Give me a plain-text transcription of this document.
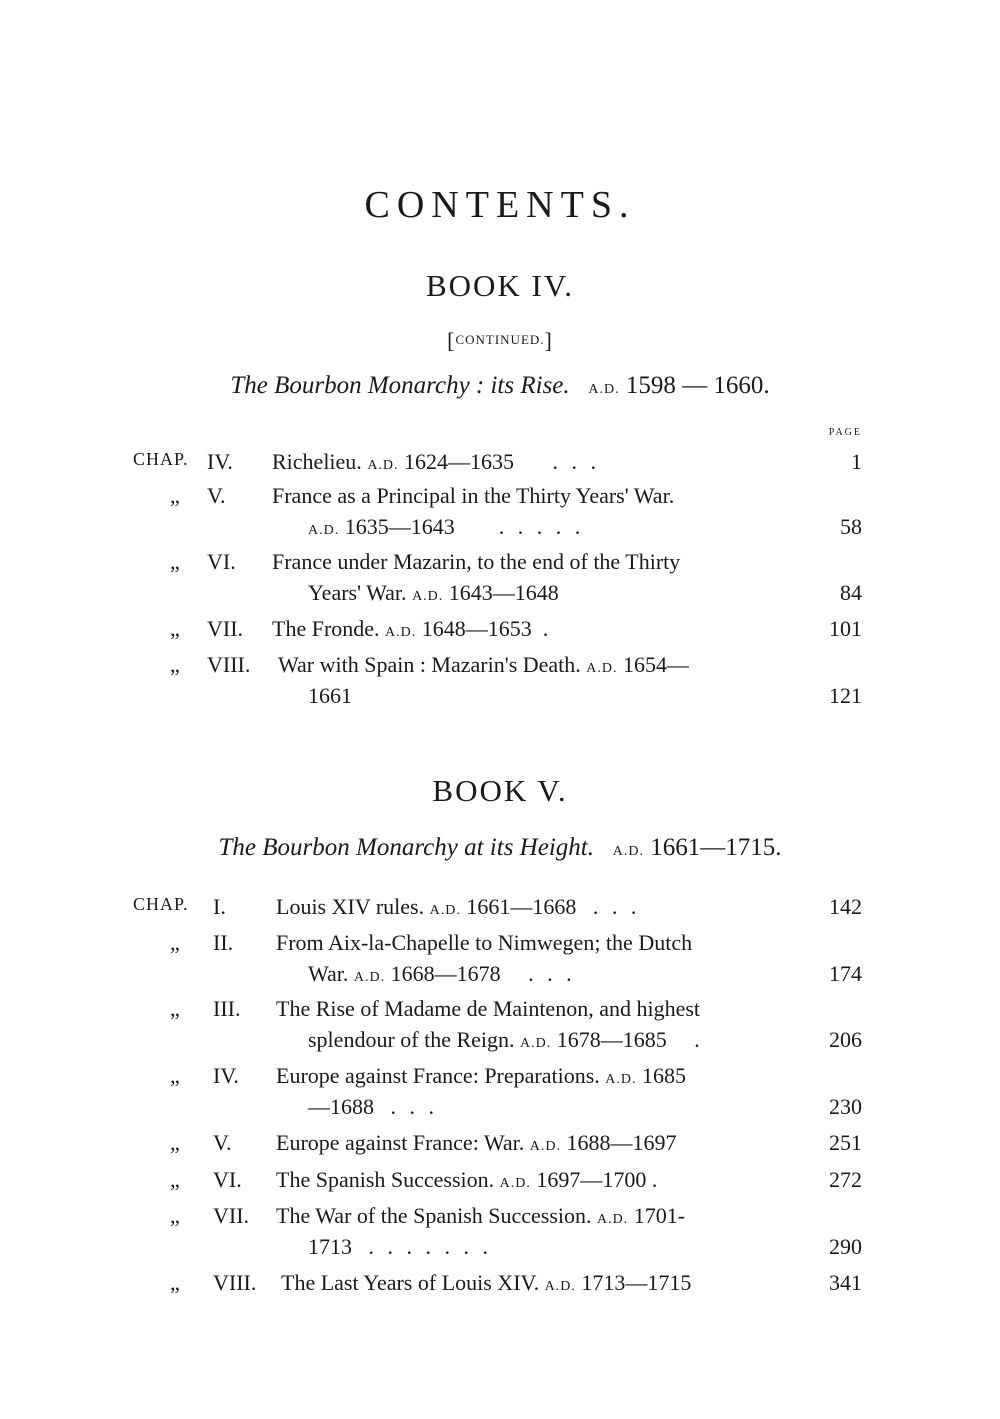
CONTENTS.
BOOK IV.
[CONTINUED.]
The Bourbon Monarchy : its Rise. A.D. 1598 — 1660.
PAGE
CHAP. IV. Richelieu. A.D. 1624—1635 . . .	1
„ V. France as a Principal in the Thirty Years' War.
A.D. 1635—1643 . . . . .	58
„ VI. France under Mazarin, to the end of the Thirty
Years' War. A.D. 1643—1648	84
„ VII. The Fronde. A.D. 1648—1653 .	101
„ VIII. War with Spain : Mazarin's Death. A.D. 1654—
1661	121
BOOK V.
The Bourbon Monarchy at its Height. A.D. 1661—1715.
CHAP. I. Louis XIV rules. A.D. 1661—1668 . . .	142
„ II. From Aix-la-Chapelle to Nimwegen; the Dutch
War. A.D. 1668—1678 . . .	174
„ III. The Rise of Madame de Maintenon, and highest
splendour of the Reign. A.D. 1678—1685 .	206
„ IV. Europe against France: Preparations. A.D. 1685
—1688 . . .	230
„ V. Europe against France: War. A.D. 1688—1697	251
„ VI. The Spanish Succession. A.D. 1697—1700 .	272
„ VII. The War of the Spanish Succession. A.D. 1701-
1713 . . . . . . .	290
„ VIII. The Last Years of Louis XIV. A.D. 1713—1715	341
